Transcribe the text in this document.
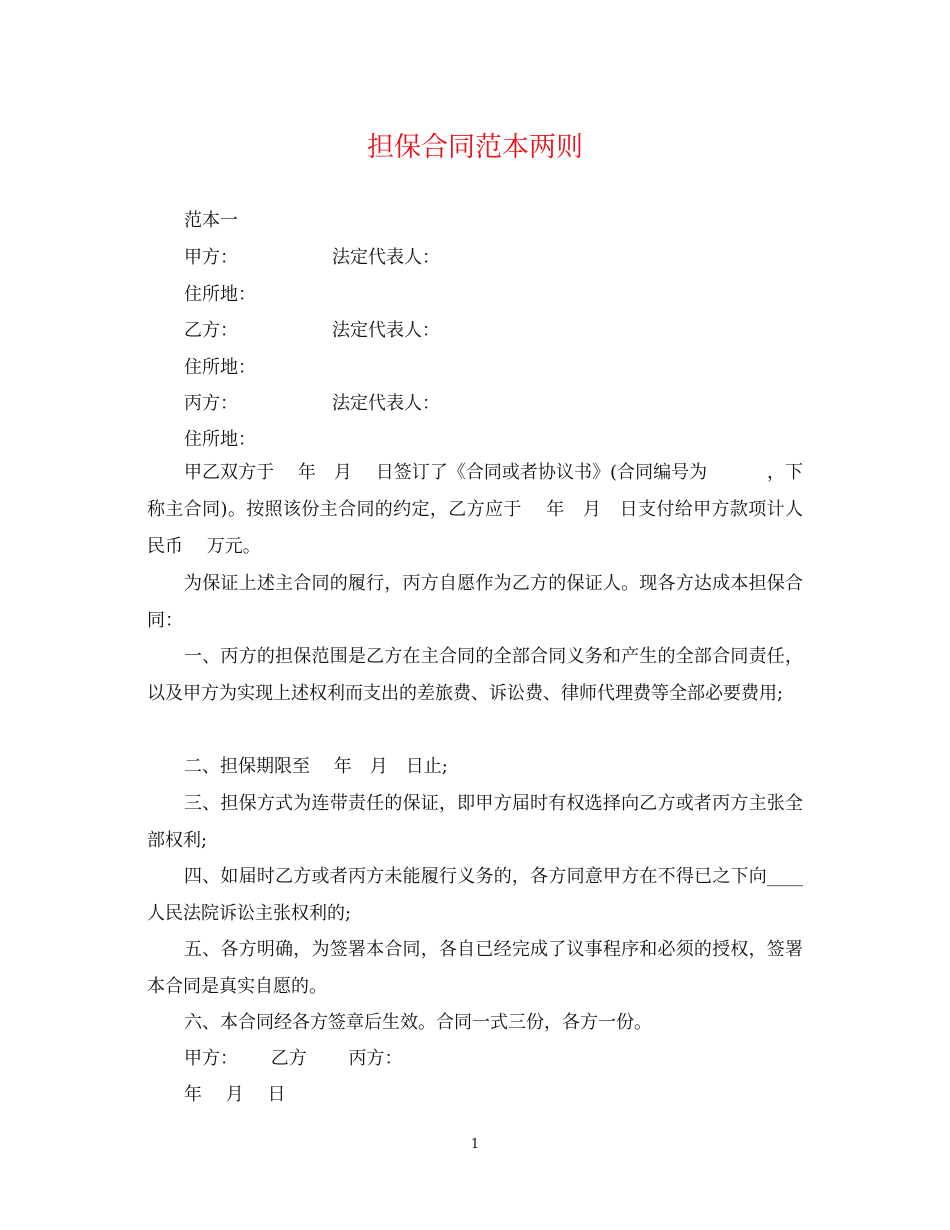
担保合同范本两则
范本一
甲方：	法定代表人：
住所地：
乙方：	法定代表人：
住所地：
丙方：	法定代表人：
住所地：

甲乙双方于　 年　月　 日签订了《合同或者协议书》(合同编号为　　　 ，下称主合同)。按照该份主合同的约定，乙方应于　 年　月　日支付给甲方款项计人民币　 万元。

为保证上述主合同的履行，丙方自愿作为乙方的保证人。现各方达成本担保合同：

一、丙方的担保范围是乙方在主合同的全部合同义务和产生的全部合同责任，以及甲方为实现上述权利而支出的差旅费、诉讼费、律师代理费等全部必要费用;

二、担保期限至　 年　月　日止;

三、担保方式为连带责任的保证，即甲方届时有权选择向乙方或者丙方主张全部权利;

四、如届时乙方或者丙方未能履行义务的，各方同意甲方在不得已之下向____人民法院诉讼主张权利的;

五、各方明确，为签署本合同，各自已经完成了议事程序和必须的授权，签署本合同是真实自愿的。

六、本合同经各方签章后生效。合同一式三份，各方一份。

甲方：　　 乙方　　 丙方：
年　 月　 日
1
